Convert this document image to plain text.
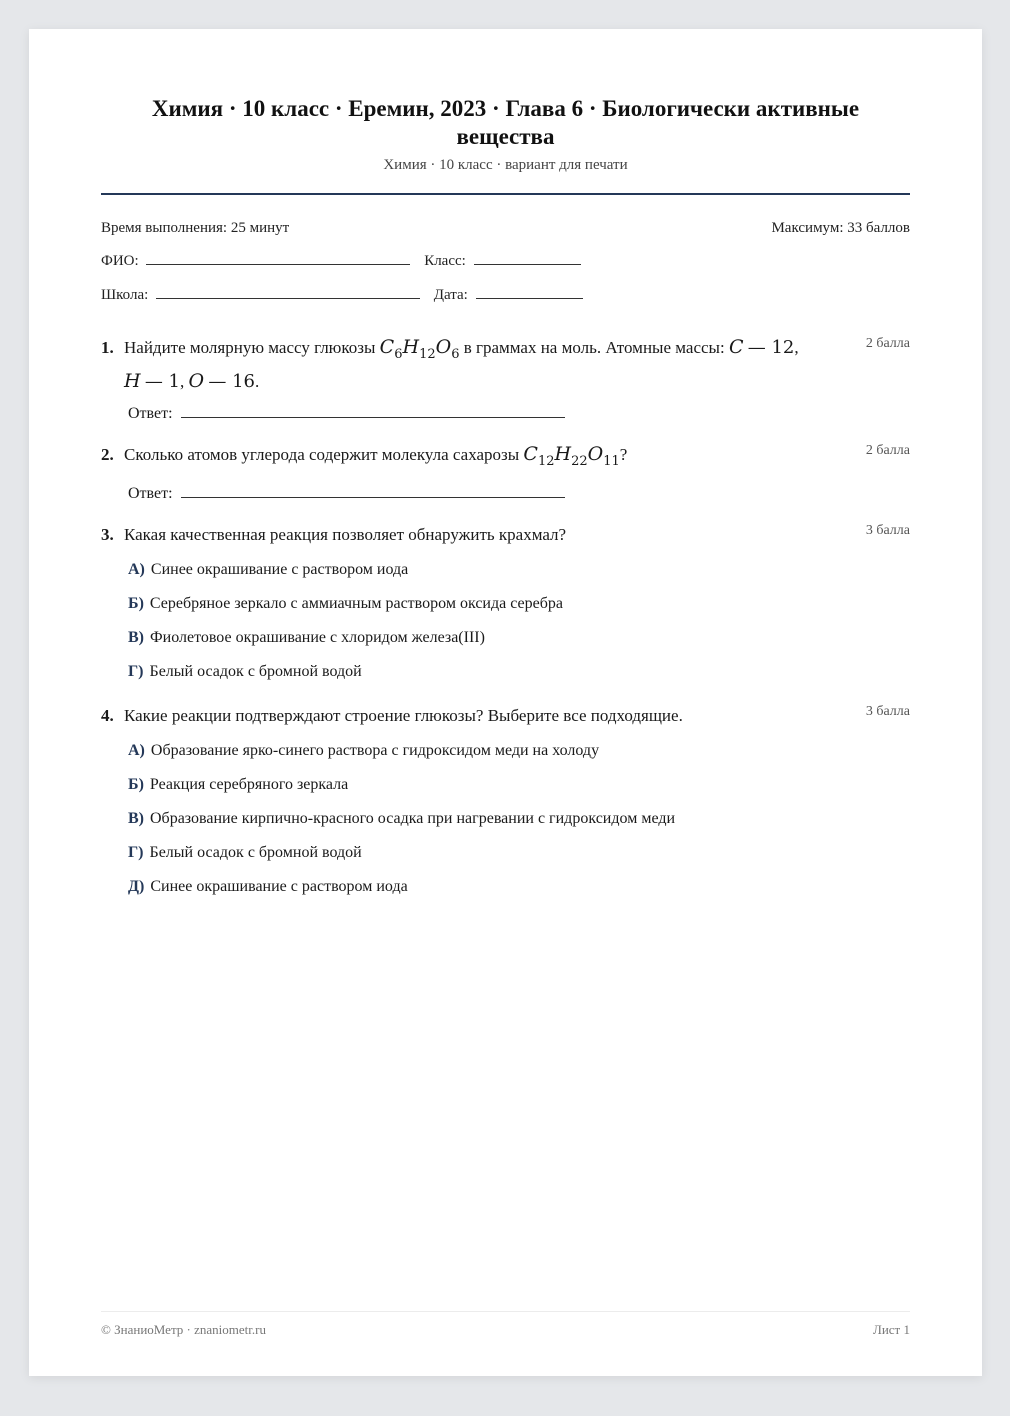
Химия · 10 класс · Еремин, 2023 · Глава 6 · Биологически активные вещества
Химия · 10 класс · вариант для печати
Время выполнения: 25 минут	Максимум: 33 баллов
ФИО:	Класс:
Школа:	Дата:
1. Найдите молярную массу глюкозы $C_6H_{12}O_6$ в граммах на моль. Атомные массы: C — 12,
H — 1, O — 16.
2 балла
Ответ:
2. Сколько атомов углерода содержит молекула сахарозы $C_{12}H_{22}O_{11}$?	2 балла
Ответ:
3. Какая качественная реакция позволяет обнаружить крахмал?	3 балла
А) Синее окрашивание с раствором иода
Б) Серебряное зеркало с аммиачным раствором оксида серебра
В) Фиолетовое окрашивание с хлоридом железа(III)
Г) Белый осадок с бромной водой
4. Какие реакции подтверждают строение глюкозы? Выберите все подходящие.	3 балла
А) Образование ярко-синего раствора с гидроксидом меди на холоду
Б) Реакция серебряного зеркала
В) Образование кирпично-красного осадка при нагревании с гидроксидом меди
Г) Белый осадок с бромной водой
Д) Синее окрашивание с раствором иода
© ЗнаниоМетр · znaniometr.ru	Лист 1
